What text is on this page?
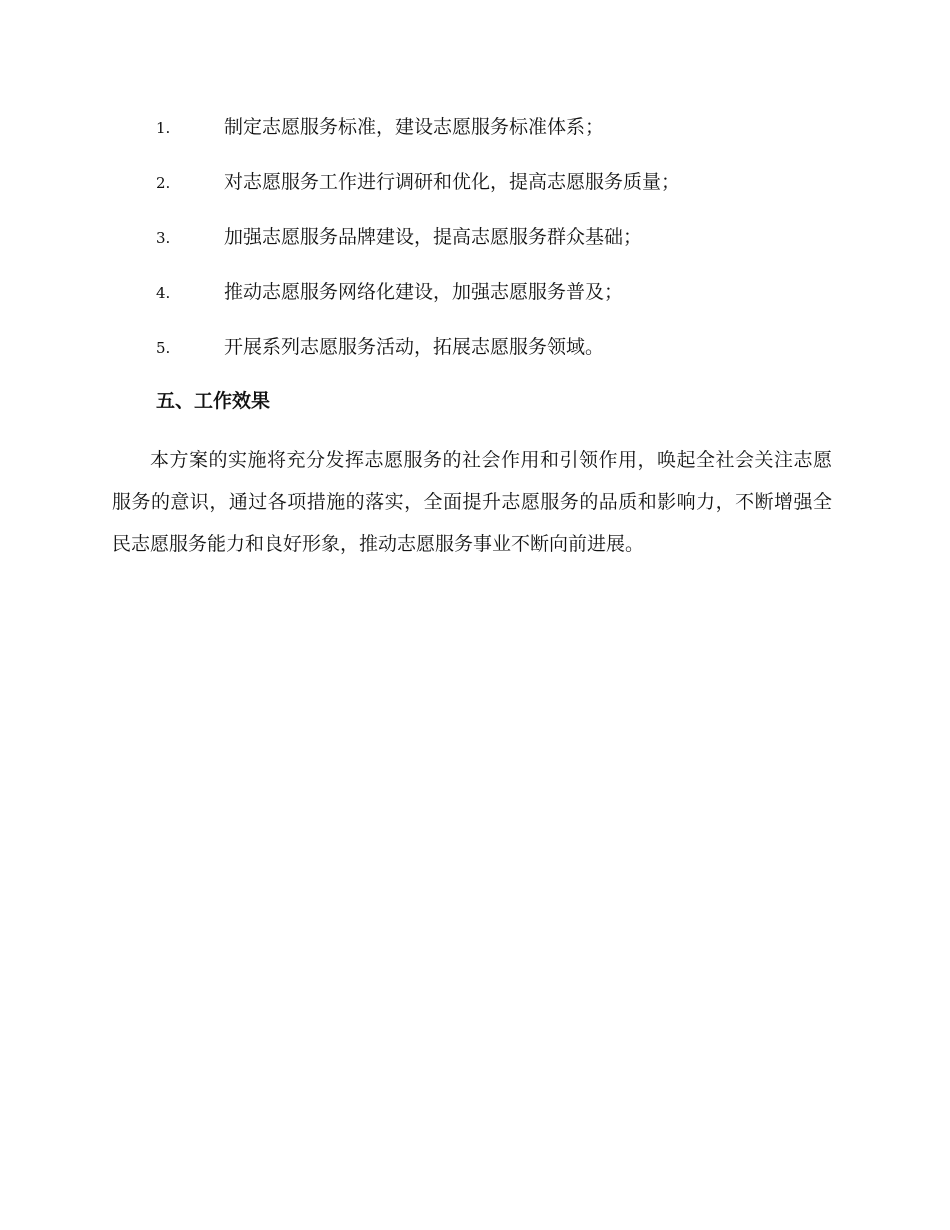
1.	制定志愿服务标准，建设志愿服务标准体系；
2.	对志愿服务工作进行调研和优化，提高志愿服务质量；
3.	加强志愿服务品牌建设，提高志愿服务群众基础；
4.	推动志愿服务网络化建设，加强志愿服务普及；
5.	开展系列志愿服务活动，拓展志愿服务领域。
五、工作效果

本方案的实施将充分发挥志愿服务的社会作用和引领作用，唤起全社会关注志愿服务的意识，通过各项措施的落实，全面提升志愿服务的品质和影响力，不断增强全民志愿服务能力和良好形象，推动志愿服务事业不断向前进展。
